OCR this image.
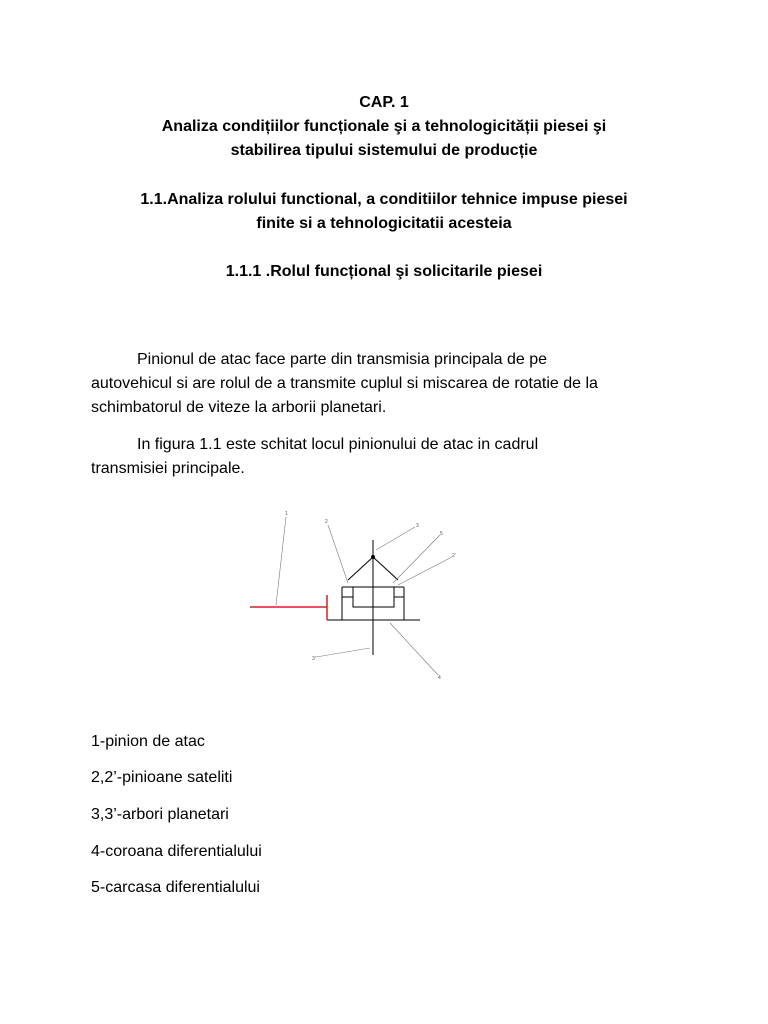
CAP. 1
Analiza condițiilor funcționale şi a tehnologicității piesei şi
stabilirea tipului sistemului de producție
1.1.Analiza rolului functional, a conditiilor tehnice impuse piesei
finite si a tehnologicitatii acesteia
1.1.1 .Rolul funcțional şi solicitarile piesei
Pinionul de atac face parte din transmisia principala de pe
autovehicul si are rolul de a transmite cuplul si miscarea de rotatie de la
schimbatorul de viteze la arborii planetari.
In figura 1.1 este schitat locul pinionului de atac in cadrul
transmisiei principale.
1
2
3
5
2'
3'
4
1-pinion de atac
2,2’-pinioane sateliti
3,3’-arbori planetari
4-coroana diferentialului
5-carcasa diferentialului
